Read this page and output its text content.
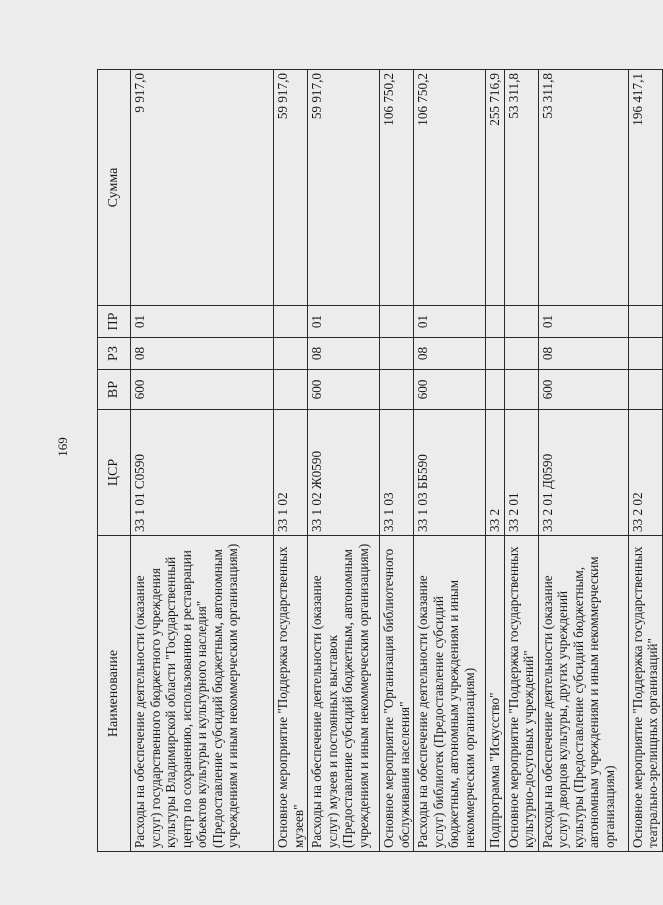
169
Наименование	ЦСР	ВР	РЗ	ПР	Сумма
Расходы на обеспечение деятельности (оказание услуг) государственного бюджетного учреждения культуры Владимирской области "Государственный центр по сохранению, использованию и реставрации объектов культуры и культурного наследия" (Предоставление субсидий бюджетным, автономным учреждениям и иным некоммерческим организациям)	33 1 01 С0590	600	08	01	9 917,0
Основное мероприятие "Поддержка государственных музеев"	33 1 02				59 917,0
Расходы на обеспечение деятельности (оказание услуг) музеев и постоянных выставок (Предоставление субсидий бюджетным, автономным учреждениям и иным некоммерческим организациям)	33 1 02 Ж0590	600	08	01	59 917,0
Основное мероприятие "Организация библиотечного обслуживания населения"	33 1 03				106 750,2
Расходы на обеспечение деятельности (оказание услуг) библиотек (Предоставление субсидий бюджетным, автономным учреждениям и иным некоммерческим организациям)	33 1 03 ББ590	600	08	01	106 750,2
Подпрограмма "Искусство"	33 2				255 716,9
Основное мероприятие "Поддержка государственных культурно-досуговых учреждений"	33 2 01				53 311,8
Расходы на обеспечение деятельности (оказание услуг) дворцов культуры, других учреждений культуры (Предоставление субсидий бюджетным, автономным учреждениям и иным некоммерческим организациям)	33 2 01 Д0590	600	08	01	53 311,8
Основное мероприятие "Поддержка государственных театрально-зрелищных организаций"	33 2 02				196 417,1
